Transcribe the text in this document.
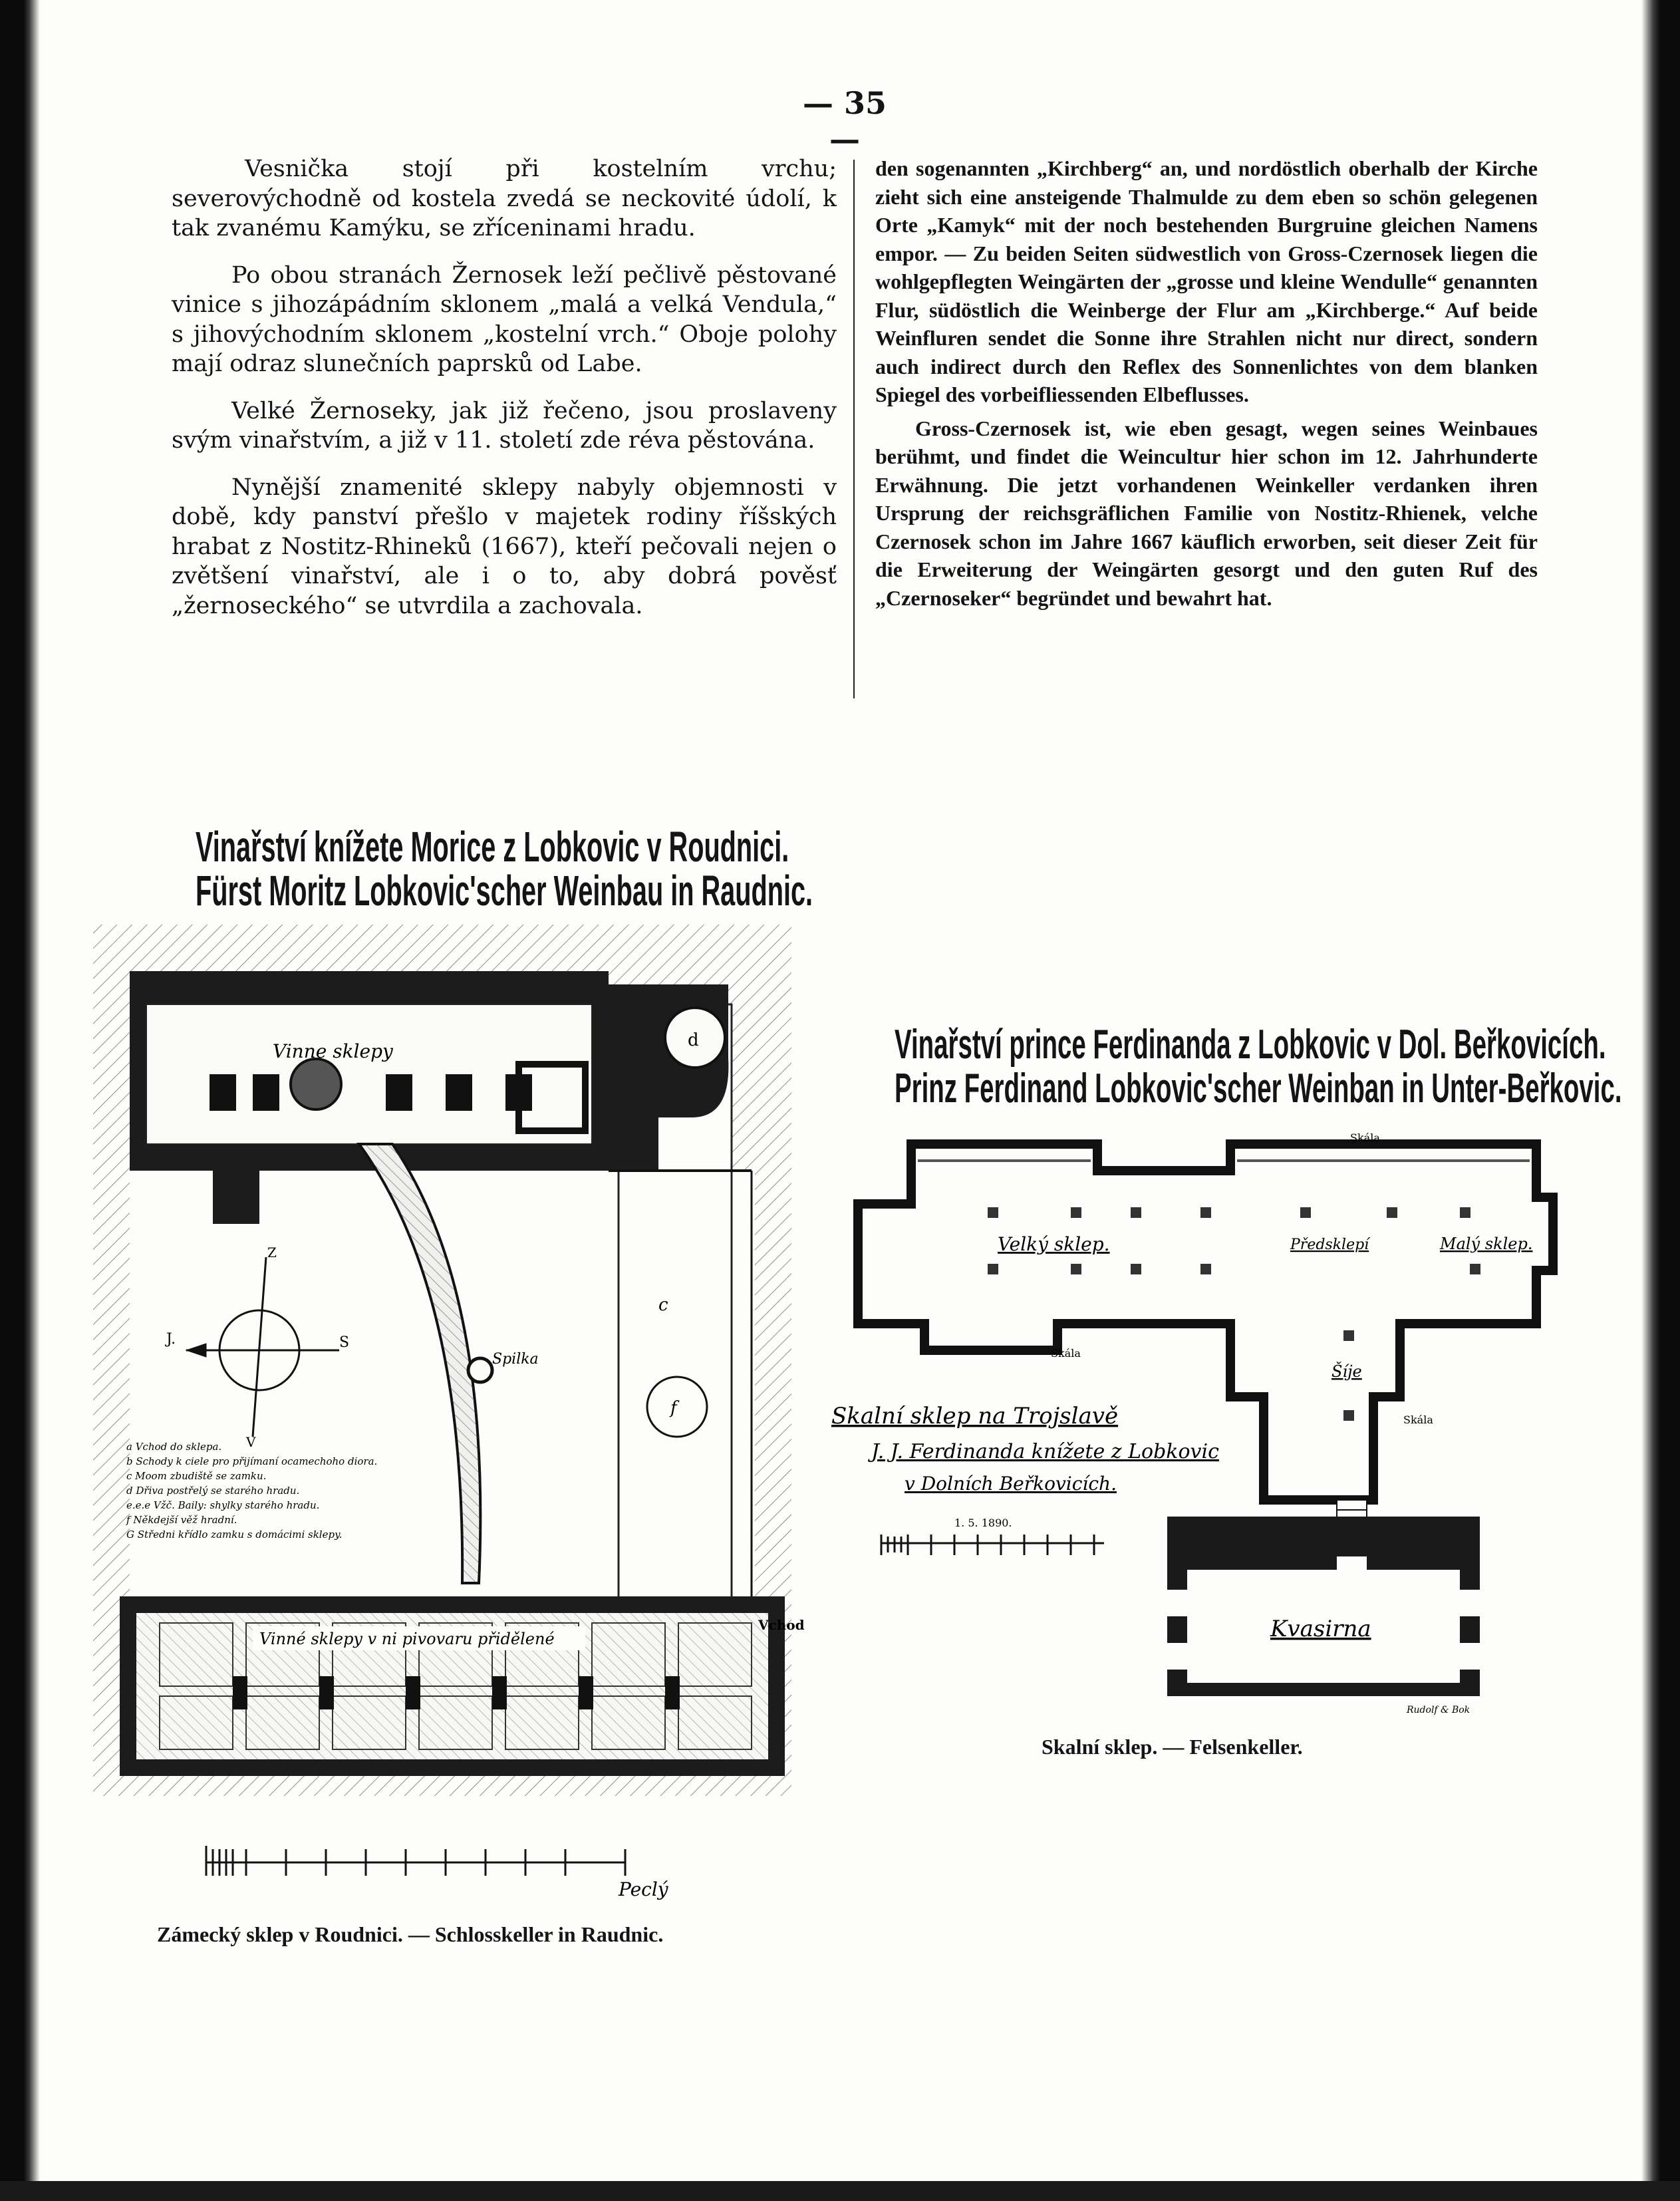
— 35 —

Vesnička stojí při kostelním vrchu; severovýchodně od kostela zvedá se neckovité údolí, k tak zvanému Kamýku, se zříceninami hradu.

Po obou stranách Žernosek leží pečlivě pěstované vinice s jihozápádním sklonem „malá a velká Vendula,“ s jihovýchodním sklonem „kostelní vrch.“ Oboje polohy mají odraz slunečních paprsků od Labe.

Velké Žernoseky, jak již řečeno, jsou proslaveny svým vinařstvím, a již v 11. století zde réva pěstována.

Nynější znamenité sklepy nabyly objemnosti v době, kdy panství přešlo v majetek rodiny říšských hrabat z Nostitz-Rhineků (1667), kteří pečovali nejen o zvětšení vinařství, ale i o to, aby dobrá pověsť „žernoseckého“ se utvrdila a zachovala.

den sogenannten „Kirchberg“ an, und nordöstlich oberhalb der Kirche zieht sich eine ansteigende Thalmulde zu dem eben so schön gelegenen Orte „Kamyk“ mit der noch bestehenden Burgruine gleichen Namens empor. — Zu beiden Seiten südwestlich von Gross-Czernosek liegen die wohlgepflegten Weingärten der „grosse und kleine Wendulle“ genannten Flur, südöstlich die Weinberge der Flur am „Kirchberge.“ Auf beide Weinfluren sendet die Sonne ihre Strahlen nicht nur direct, sondern auch indirect durch den Reflex des Sonnenlichtes von dem blanken Spiegel des vorbeifliessenden Elbeflusses.

Gross-Czernosek ist, wie eben gesagt, wegen seines Weinbaues berühmt, und findet die Weincultur hier schon im 12. Jahrhunderte Erwähnung. Die jetzt vorhandenen Weinkeller verdanken ihren Ursprung der reichsgräflichen Familie von Nostitz-Rhienek, velche Czernosek schon im Jahre 1667 käuflich erworben, seit dieser Zeit für die Erweiterung der Weingärten gesorgt und den guten Ruf des „Czernoseker“ begründet und bewahrt hat.

Vinařství knížete Morice z Lobkovic v Roudnici.
Fürst Moritz Lobkovic'scher Weinbau in Raudnic.
d
J.	S
V
Z
c
f
Vinne sklepy
Spilka
a Vchod do sklepa.
b Schody k ciele pro přijímaní ocamechoho diora.
c Moom zbudiště se zamku.
d Dřiva postřelý se starého hradu.
e.e.e Vžč. Baily: shylky starého hradu.
f Někdejší věž hradní.
G Středni křídlo zamku s domácimi sklepy.
Vinné sklepy v ni pivovaru přidělené
Vchod
Peclý
Zámecký sklep v Roudnici. — Schlosskeller in Raudnic.
Vinařství prince Ferdinanda z Lobkovic v Dol. Beřkovicích.
Prinz Ferdinand Lobkovic'scher Weinban in Unter-Beřkovic.
Skála
Velký sklep.	Předsklepí	Malý sklep.
Skála
Šíje
Skála
Kvasirna
Rudolf & Bok
Skalní sklep na Trojslavě
J. J. Ferdinanda knížete z Lobkovic
v Dolních Beřkovicích.
1. 5. 1890.
Skalní sklep. — Felsenkeller.
